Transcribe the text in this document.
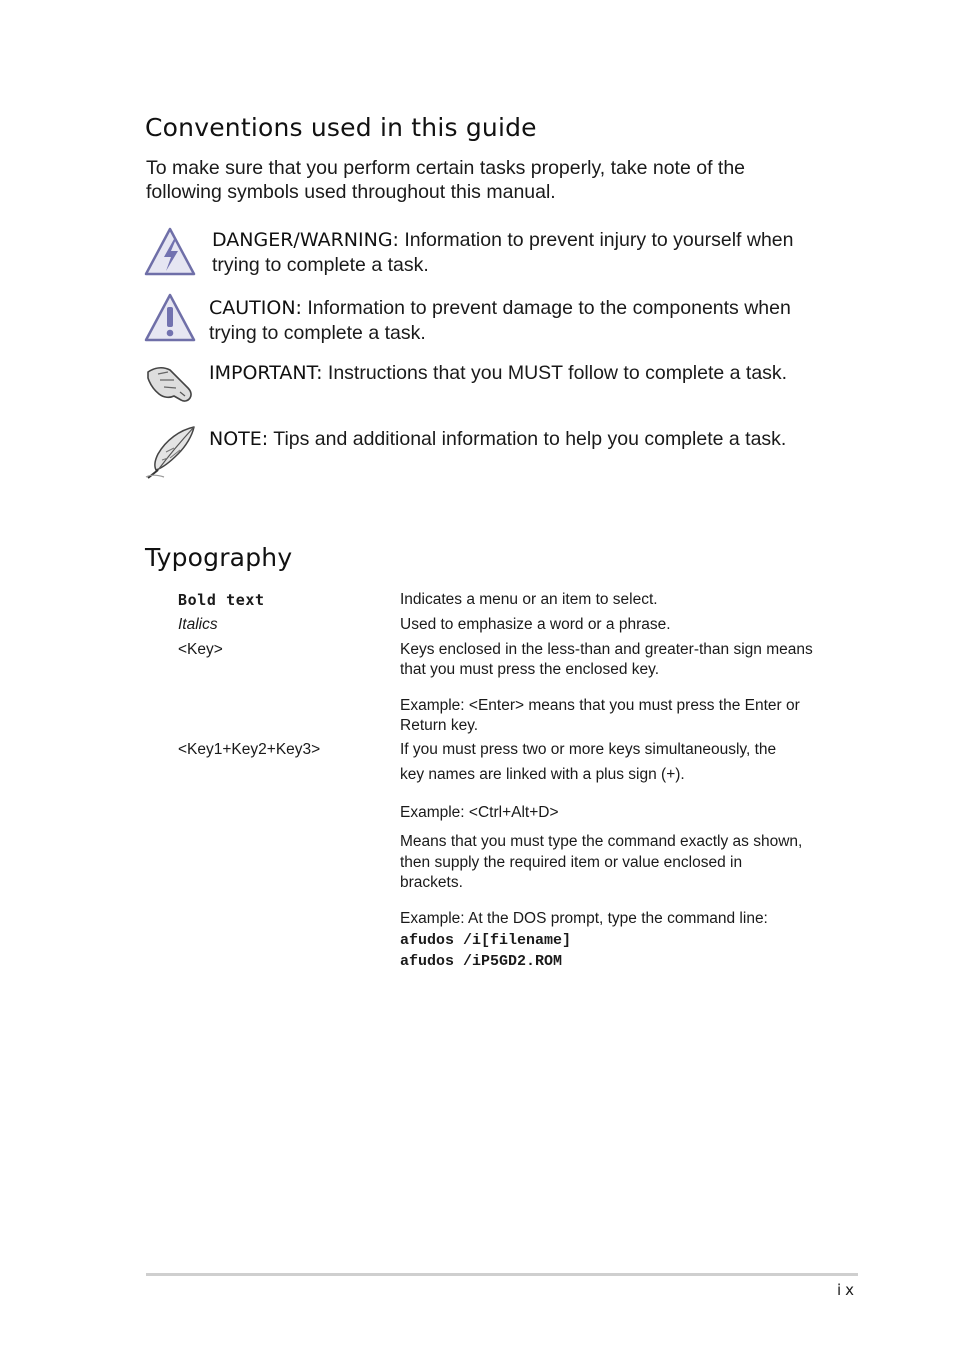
Conventions used in this guide
To make sure that you perform certain tasks properly, take note of the following symbols used throughout this manual.
DANGER/WARNING: Information to prevent injury to yourself when trying to complete a task.
CAUTION: Information to prevent damage to the components when trying to complete a task.
IMPORTANT: Instructions that you MUST follow to complete a task.
NOTE: Tips and additional information to help you complete a task.
Typography
Bold text	Indicates a menu or an item to select.
Italics	Used to emphasize a word or a phrase.
<Key>	Keys enclosed in the less-than and greater-than sign means that you must press the enclosed key.
Example: <Enter> means that you must press the Enter or Return key.
<Key1+Key2+Key3>	If you must press two or more keys simultaneously, the
key names are linked with a plus sign (+).
Example: <Ctrl+Alt+D>
Means that you must type the command exactly as shown,
then supply the required item or value enclosed in brackets.
Example: At the DOS prompt, type the command line:
afudos /i[filename]
afudos /iP5GD2.ROM
ix
